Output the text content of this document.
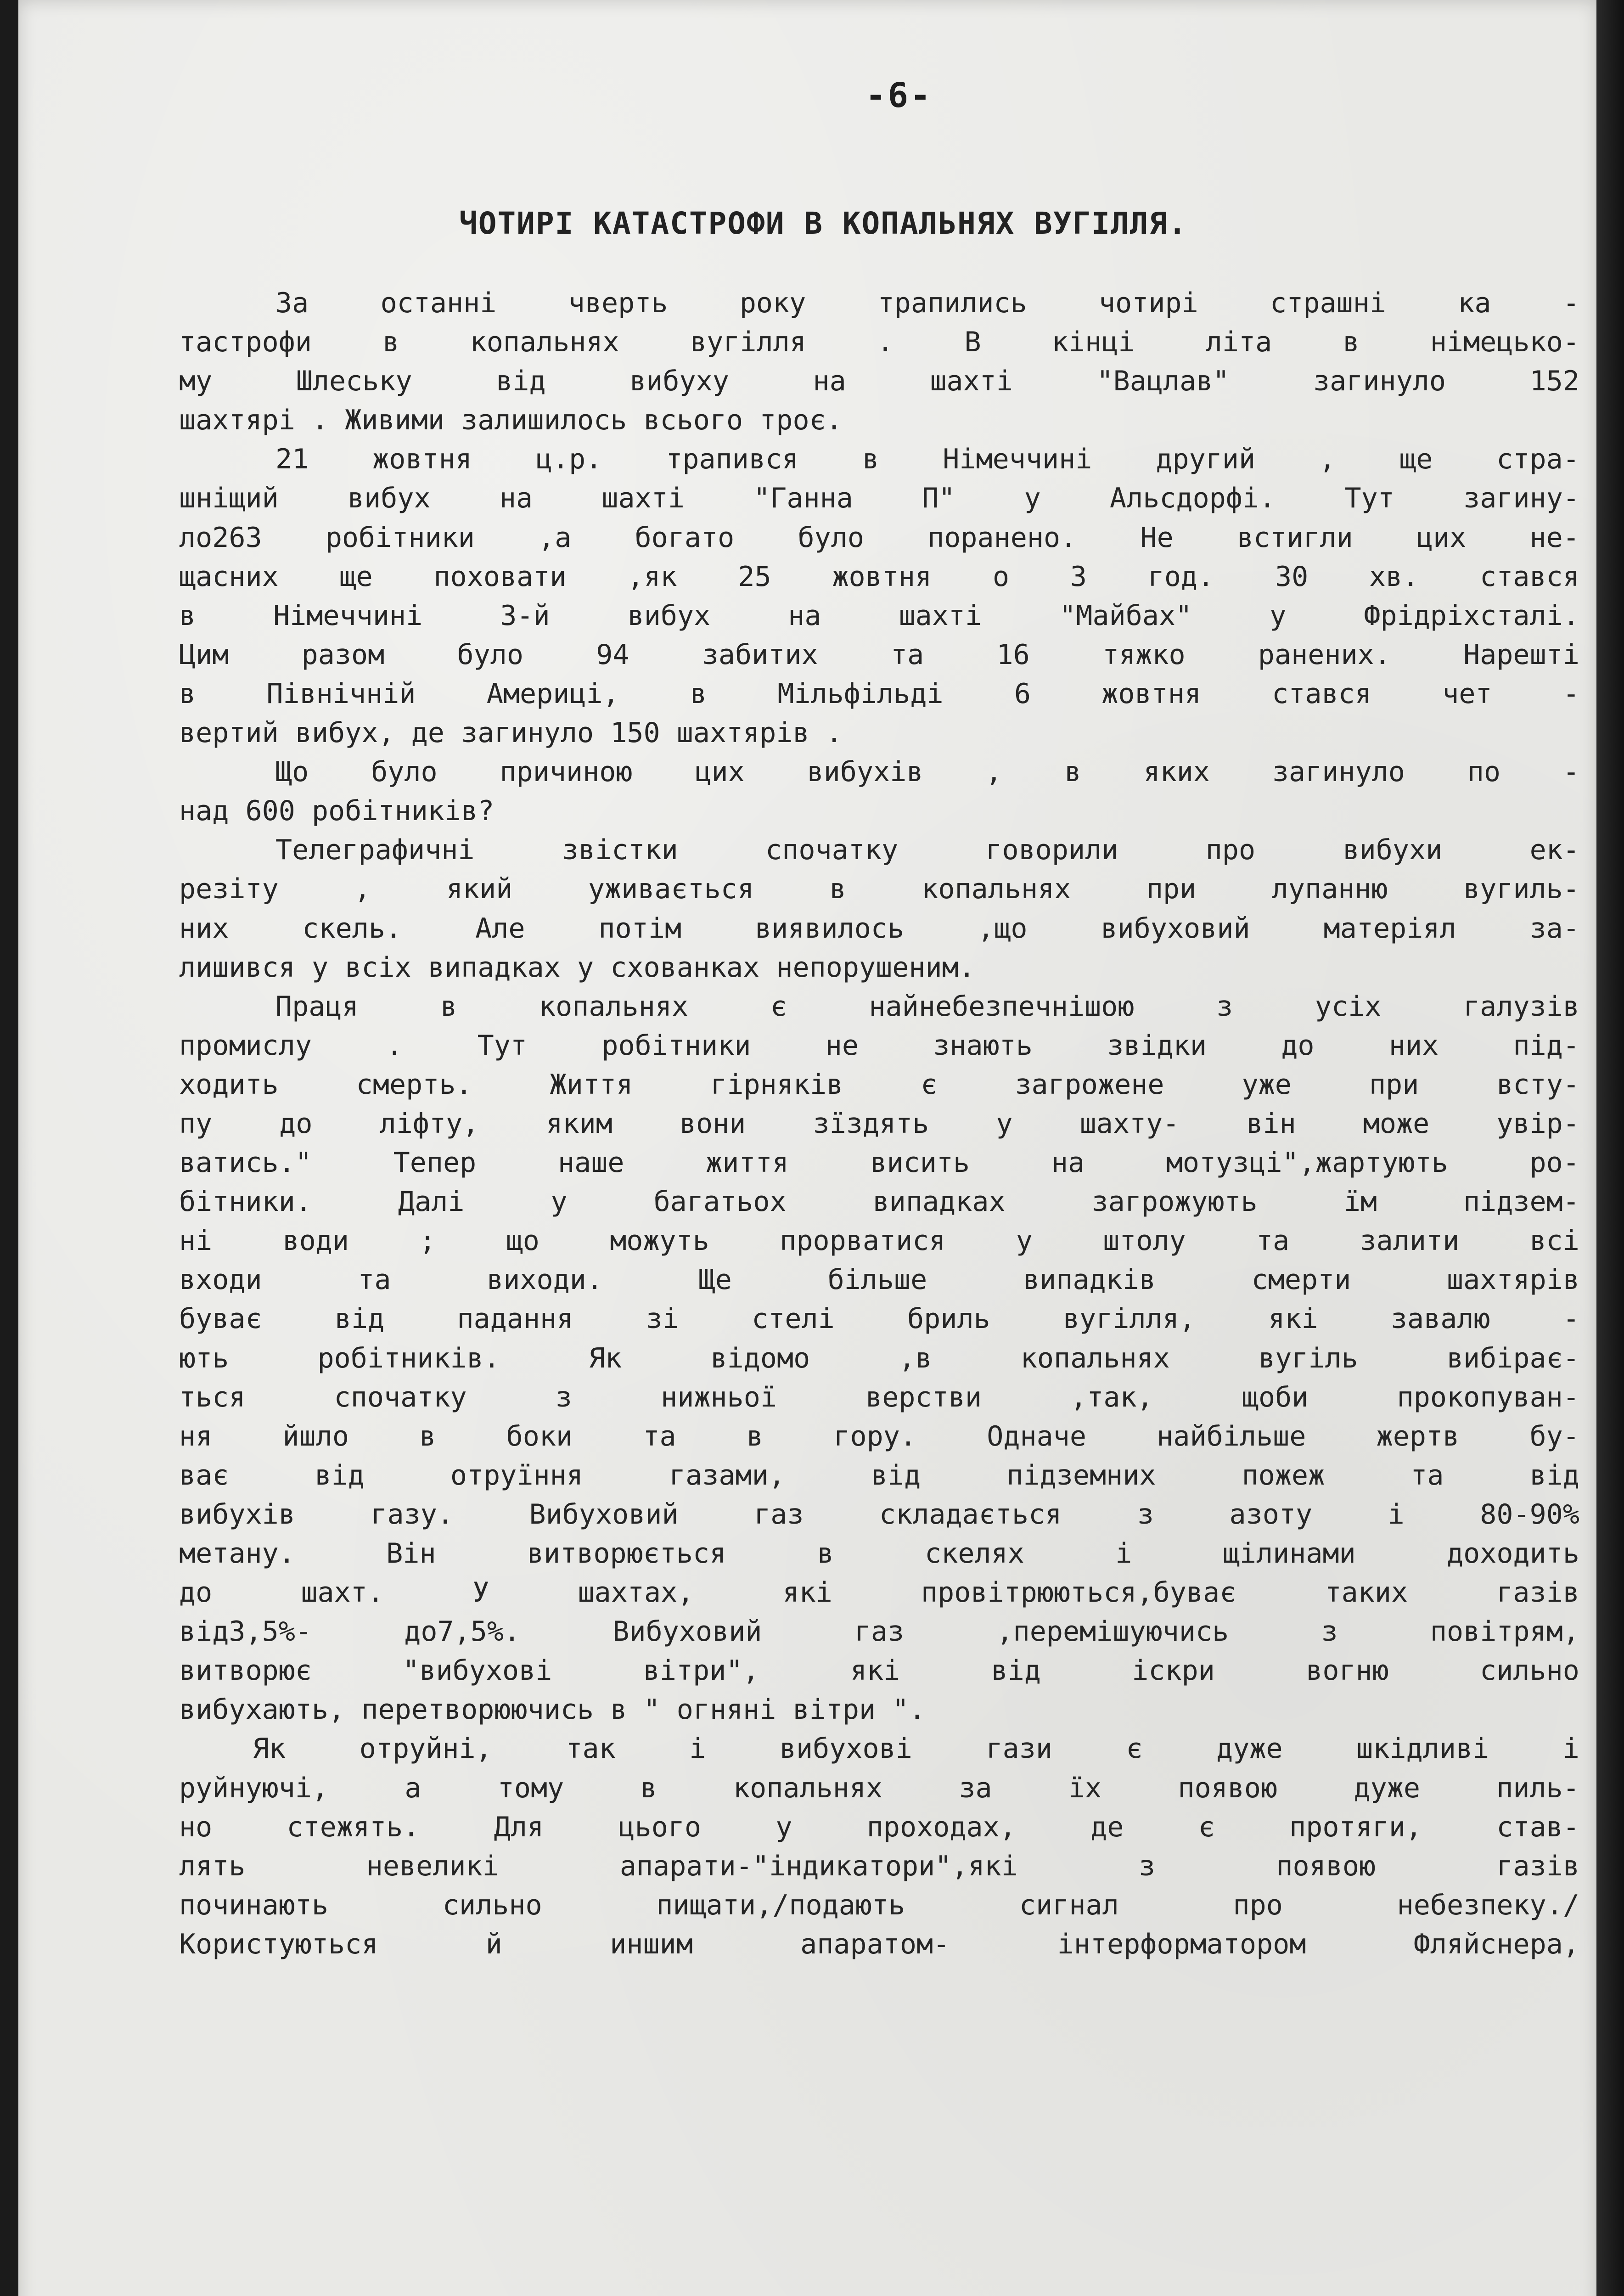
-6-
ЧОТИРІ КАТАСТРОФИ В КОПАЛЬНЯХ ВУГІЛЛЯ.
За	останні	чверть	року	трапились	чотирі	страшні	ка	-
тастрофи	в	копальнях	вугілля	.	В	кінці	літа	в	німецько-
му	Шлеську	від	вибуху	на	шахті	"Вацлав"	загинуло	152
шахтярі . Живими залишилось всього троє.
21 жовтня ц.р. трапився в Німеччині другий , ще стра-
шніщий	вибух	на	шахті	"Ганна	П"	у	Альсдорфі.	Тут	загину-
ло263 робітники ,а богато було поранено. Не встигли цих не-
щасних ще поховати ,як 25 жовтня о 3 год. 30 хв. стався
в	Німеччині	3-й	вибух	на	шахті	"Майбах"	у	Фрідріхсталі.
Цим	разом	було	94	забитих	та	16	тяжко	ранених.	Нарешті
в	Північній	Америці,	в	Мільфільді	6	жовтня	стався	чет	-
вертий вибух, де загинуло 150 шахтярів .
Що було причиною цих вибухів , в яких загинуло по -
над 600 робітників?
Телеграфичні	звістки	спочатку	говорили	про	вибухи	ек-
резіту	,	який	уживається	в	копальнях	при	лупанню	вугиль-
них	скель.	Але	потім	виявилось	,що	вибуховий	матеріял	за-
лишився у всіх випадках у схованках непорушеним.
Праця	в	копальнях	є	найнебезпечнішою	з	усіх	галузів
промислу	.	Тут	робітники	не	знають	звідки	до	них	під-
ходить	смерть.	Життя	гірняків	є	загрожене	уже	при	всту-
пу до ліфту, яким вони зїздять у шахту- він може увір-
ватись."	Тепер	наше	життя	висить	на	мотузці",жартують	ро-
бітники.	Далі	у	багатьох	випадках	загрожують	їм	підзем-
ні	води	;	що	можуть	прорватися	у	штолу	та	залити	всі
входи	та	виходи.	Ще	більше	випадків	смерти	шахтярів
буває	від	падання	зі	стелі	бриль	вугілля,	які	завалю	-
ють	робітників.	Як	відомо	,в	копальнях	вугіль	вибірає-
ться	спочатку	з	нижньої	верстви	,так,	щоби	прокопуван-
ня	йшло	в	боки	та	в	гору.	Одначе	найбільше	жертв	бу-
ває	від	отруїння	газами,	від	підземних	пожеж	та	від
вибухів	газу.	Вибуховий	газ	складається	з	азоту	і	80-90%
метану.	Він	витворюється	в	скелях	і	щілинами	доходить
до	шахт.	У	шахтах,	які	провітрюються,буває	таких	газів
від3,5%-	до7,5%.	Вибуховий	газ	,перемішуючись	з	повітрям,
витворює	"вибухові	вітри",	які	від	іскри	вогню	сильно
вибухають, перетворюючись в " огняні вітри ".
Як	отруйні,	так	і	вибухові	гази	є	дуже	шкідливі	і
руйнуючі,	а	тому	в	копальнях	за	їх	появою	дуже	пиль-
но	стежять.	Для	цього	у	проходах,	де	є	протяги,	став-
лять	невеликі	апарати-"індикатори",які	з	появою	газів
починають	сильно	пищати,/подають	сигнал	про	небезпеку./
Користуються	й	иншим	апаратом-	інтерформатором	Фляйснера,
